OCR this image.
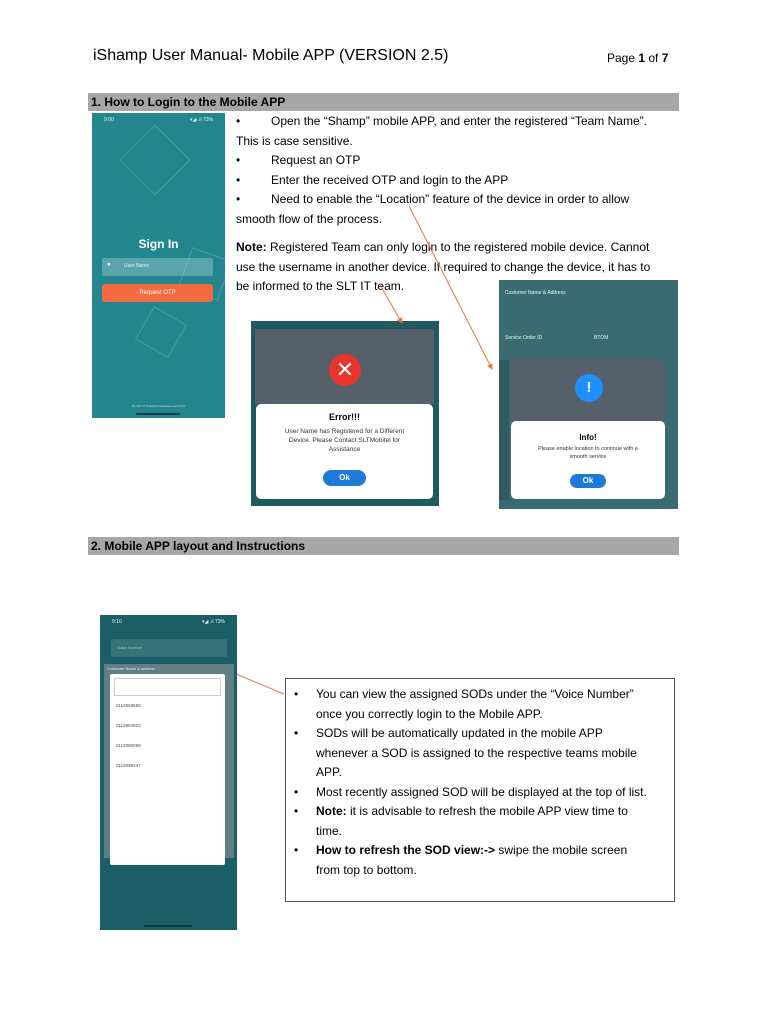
iShamp User Manual- Mobile APP (VERSION 2.5)	Page 1 of 7
1. How to Login to the Mobile APP
•	Open the “Shamp” mobile APP, and enter the registered “Team Name”.
This is case sensitive.
•	Request an OTP
•	Enter the received OTP and login to the APP
•	Need to enable the “Location” feature of the device in order to allow
smooth flow of the process.
Note: Registered Team can only login to the registered mobile device. Cannot
use the username in another device. If required to change the device, it has to
be informed to the SLT IT team.
9:00	▾◢ .ıl 73%
Sign In
●	User Name
Request OTP
By SLT-IT Solutions Developement Unit
Error!!!
User Name has Registered for a Different
Device. Please Contact SLTMobitel for
Assistance
Ok
✕
Customer Name & Address
Service Order ID	BTOM
Info!
Please enable location to continue with a
smooth service
Ok
!
2. Mobile APP layout and Instructions
9:10	▾◢ .ıl 73%
Voice Number
Customer Name & address
0112563550
0112964923
0112080069
0112089247
• You can view the assigned SODs under the “Voice Number”
once you correctly login to the Mobile APP.
• SODs will be automatically updated in the mobile APP
whenever a SOD is assigned to the respective teams mobile
APP.
• Most recently assigned SOD will be displayed at the top of list.
• Note: it is advisable to refresh the mobile APP view time to
time.
• How to refresh the SOD view:-> swipe the mobile screen
from top to bottom.
